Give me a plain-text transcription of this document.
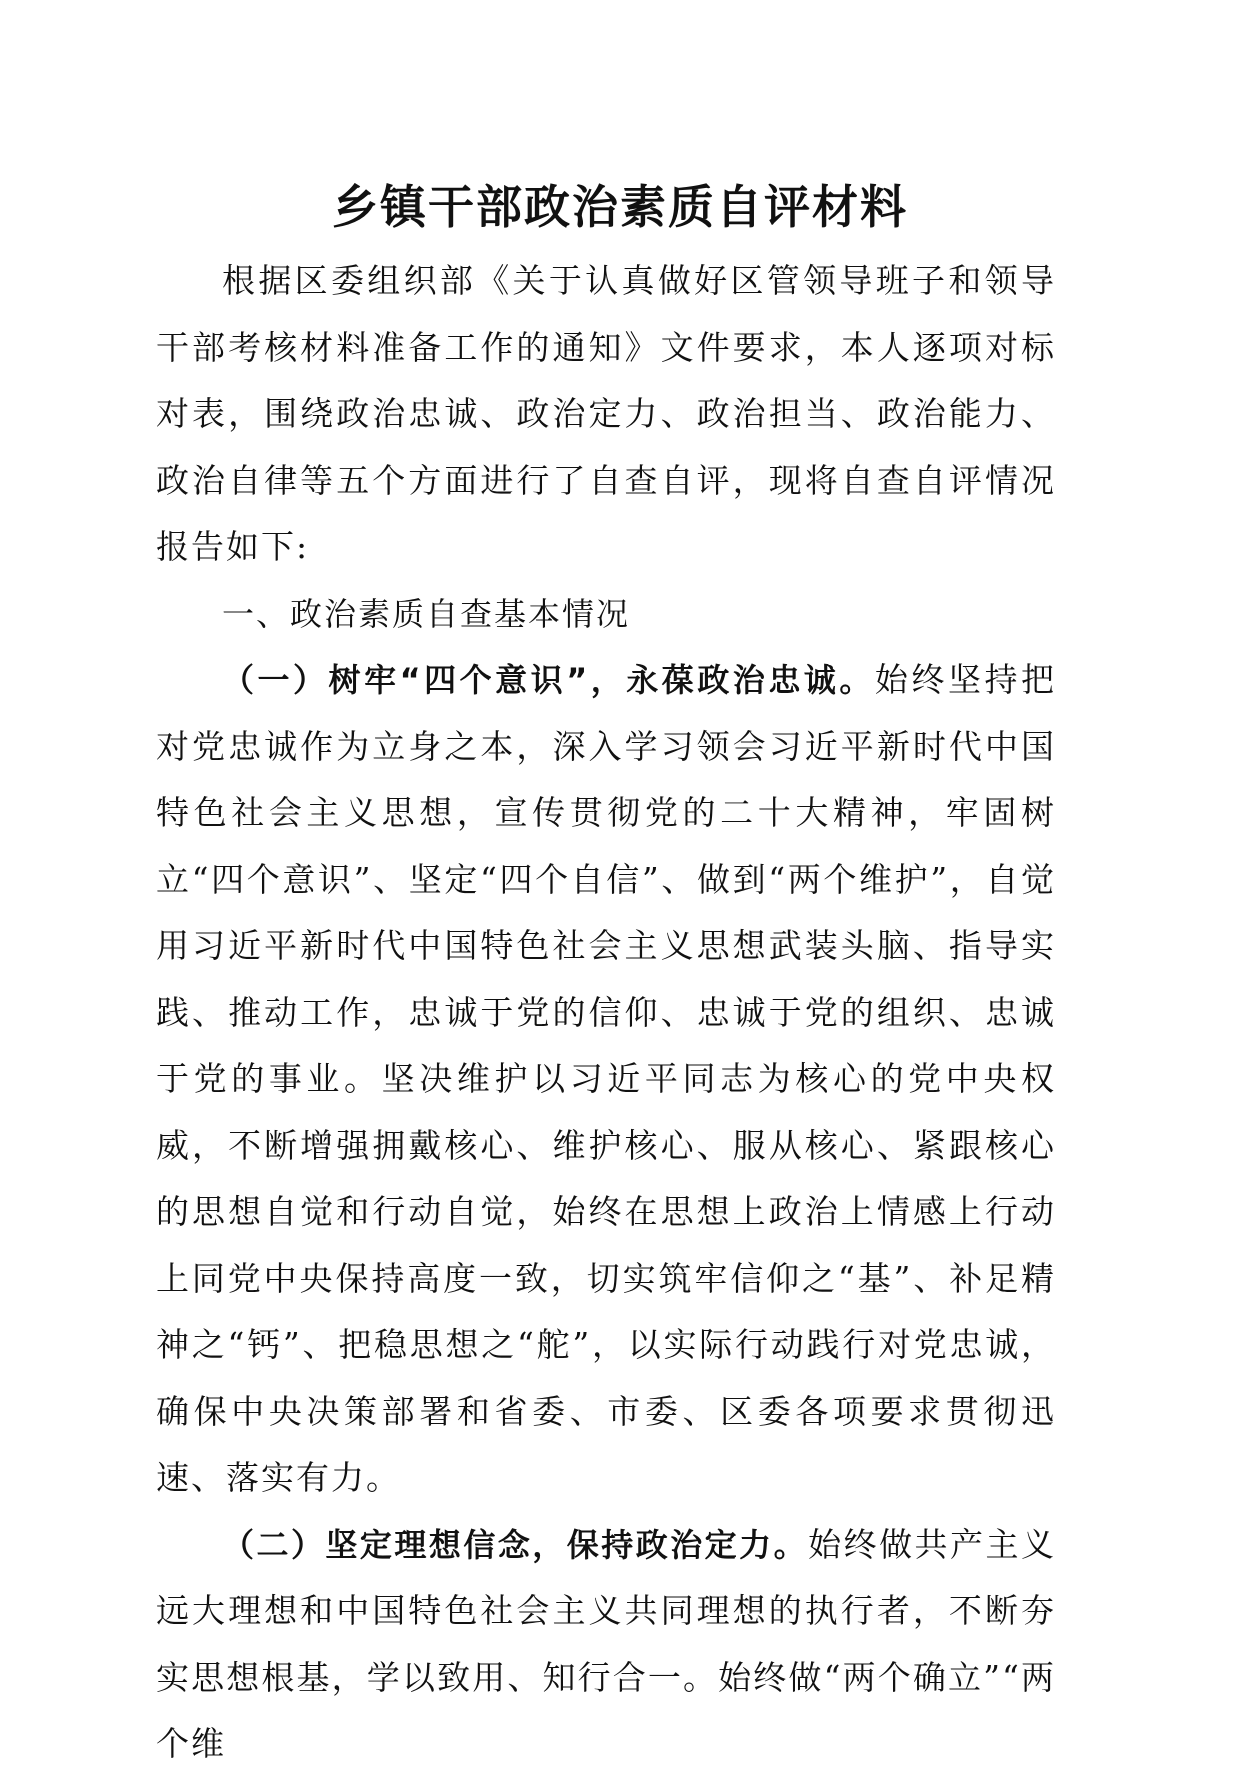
乡镇干部政治素质自评材料

根据区委组织部《关于认真做好区管领导班子和领导干部考核材料准备工作的通知》文件要求，本人逐项对标对表，围绕政治忠诚、政治定力、政治担当、政治能力、政治自律等五个方面进行了自查自评，现将自查自评情况报告如下:

一、政治素质自查基本情况

（一）树牢“四个意识”，永葆政治忠诚。始终坚持把对党忠诚作为立身之本，深入学习领会习近平新时代中国特色社会主义思想，宣传贯彻党的二十大精神，牢固树立“四个意识”、坚定“四个自信”、做到“两个维护”，自觉用习近平新时代中国特色社会主义思想武装头脑、指导实践、推动工作，忠诚于党的信仰、忠诚于党的组织、忠诚于党的事业。坚决维护以习近平同志为核心的党中央权威，不断增强拥戴核心、维护核心、服从核心、紧跟核心的思想自觉和行动自觉，始终在思想上政治上情感上行动上同党中央保持高度一致，切实筑牢信仰之“基”、补足精神之“钙”、把稳思想之“舵”，以实际行动践行对党忠诚，确保中央决策部署和省委、市委、区委各项要求贯彻迅速、落实有力。

（二）坚定理想信念，保持政治定力。始终做共产主义远大理想和中国特色社会主义共同理想的执行者，不断夯实思想根基，学以致用、知行合一。始终做“两个确立”“两个维
